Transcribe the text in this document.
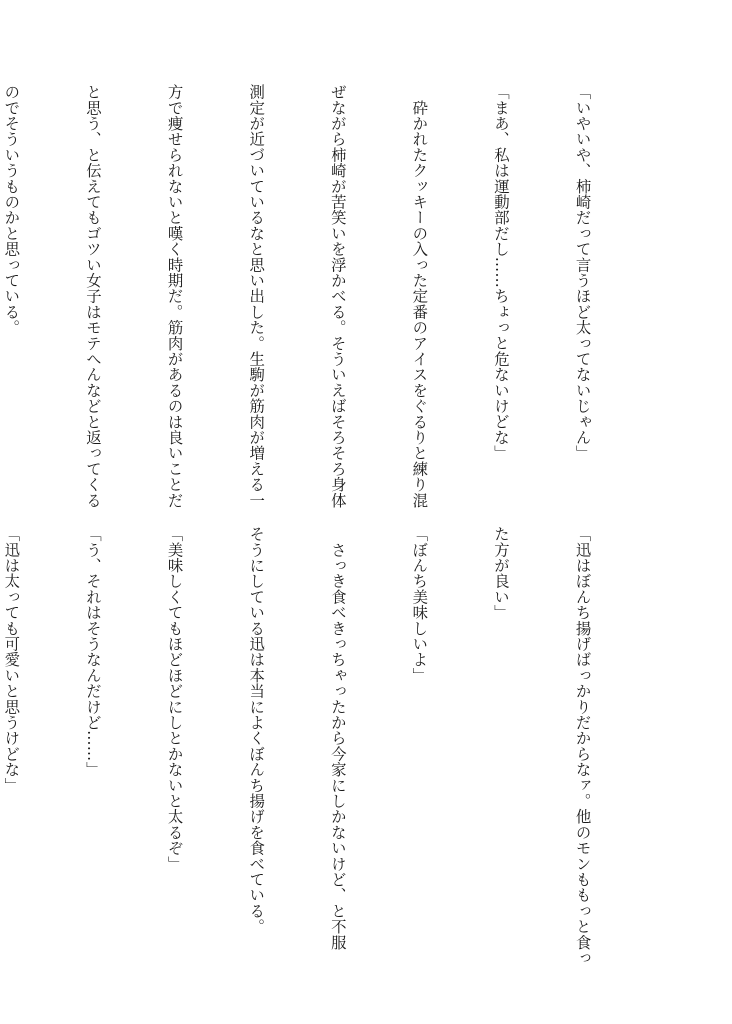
「いやいや、柿崎だって言うほど太ってないじゃん」

「まあ、私は運動部だし……ちょっと危ないけどな」

　砕かれたクッキーの入った定番のアイスをぐるりと練り混

ぜながら柿崎が苦笑いを浮かべる。そういえばそろそろ身体

測定が近づいているなと思い出した。生駒が筋肉が増える一

方で痩せられないと嘆く時期だ。筋肉があるのは良いことだ

と思う、と伝えてもゴツい女子はモテへんなどと返ってくる

のでそういうものかと思っている。

「迅はぼんち揚げばっかりだからなァ。他のモンももっと食っ

た方が良い」

「ぼんち美味しいよ」

　さっき食べきっちゃったから今家にしかないけど、と不服

そうにしている迅は本当によくぼんち揚げを食べている。

「美味しくてもほどほどにしとかないと太るぞ」

「う、それはそうなんだけど……」

「迅は太っても可愛いと思うけどな」
